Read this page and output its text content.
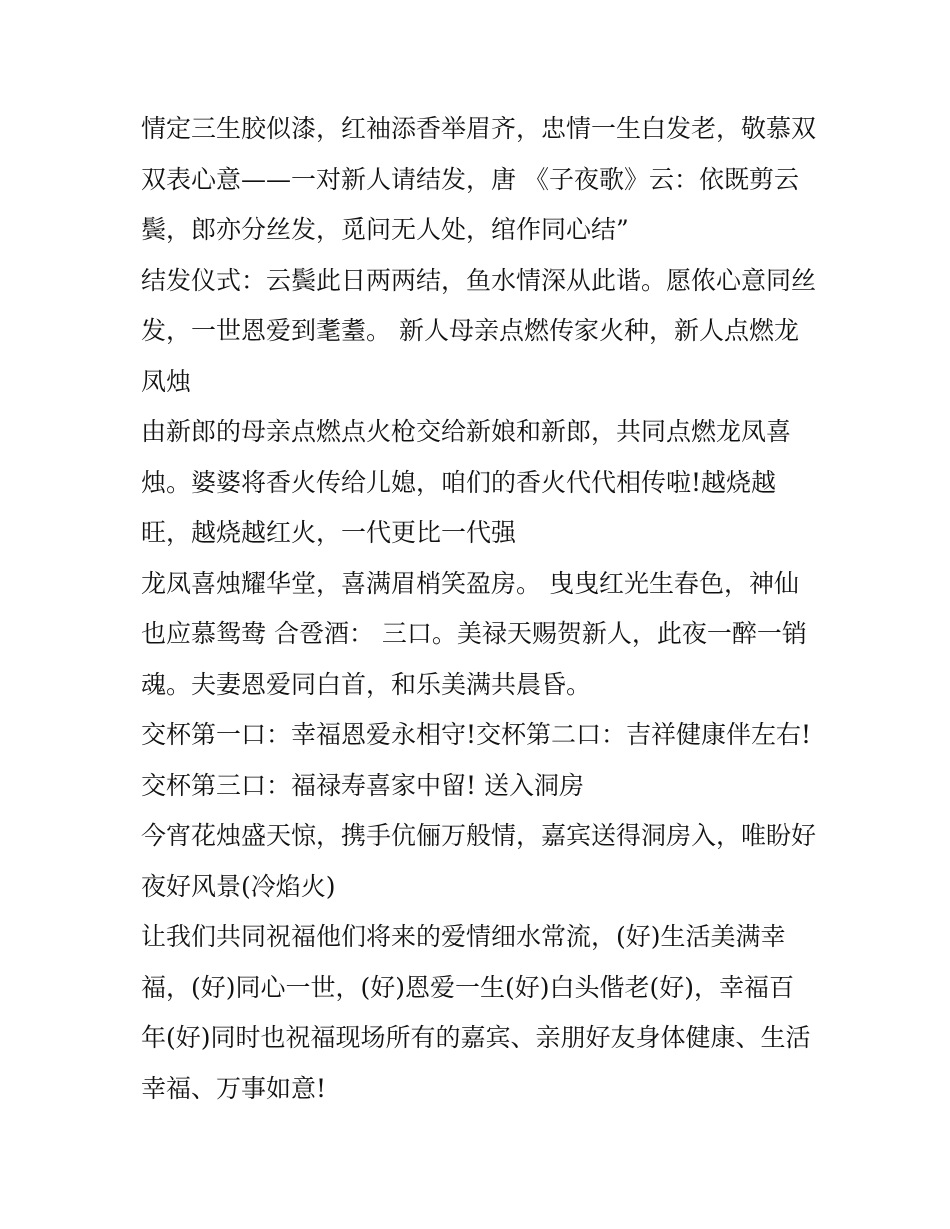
情定三生胶似漆，红袖添香举眉齐，忠情一生白发老，敬慕双
双表心意——一对新人请结发，唐 《子夜歌》云：依既剪云
鬓，郎亦分丝发，觅问无人处，绾作同心结”
结发仪式：云鬓此日两两结，鱼水情深从此谐。愿侬心意同丝
发，一世恩爱到耄耋。 新人母亲点燃传家火种，新人点燃龙
凤烛
由新郎的母亲点燃点火枪交给新娘和新郎，共同点燃龙凤喜
烛。婆婆将香火传给儿媳，咱们的香火代代相传啦!越烧越
旺，越烧越红火，一代更比一代强
龙凤喜烛耀华堂，喜满眉梢笑盈房。 曳曳红光生春色，神仙
也应慕鸳鸯 合卺酒： 三口。美禄天赐贺新人，此夜一醉一销
魂。夫妻恩爱同白首，和乐美满共晨昏。
交杯第一口：幸福恩爱永相守!交杯第二口：吉祥健康伴左右!
交杯第三口：福禄寿喜家中留! 送入洞房
今宵花烛盛天惊，携手伉俪万般情，嘉宾送得洞房入，唯盼好
夜好风景(冷焰火)
让我们共同祝福他们将来的爱情细水常流，(好)生活美满幸
福，(好)同心一世，(好)恩爱一生(好)白头偕老(好)，幸福百
年(好)同时也祝福现场所有的嘉宾、亲朋好友身体健康、生活
幸福、万事如意!
